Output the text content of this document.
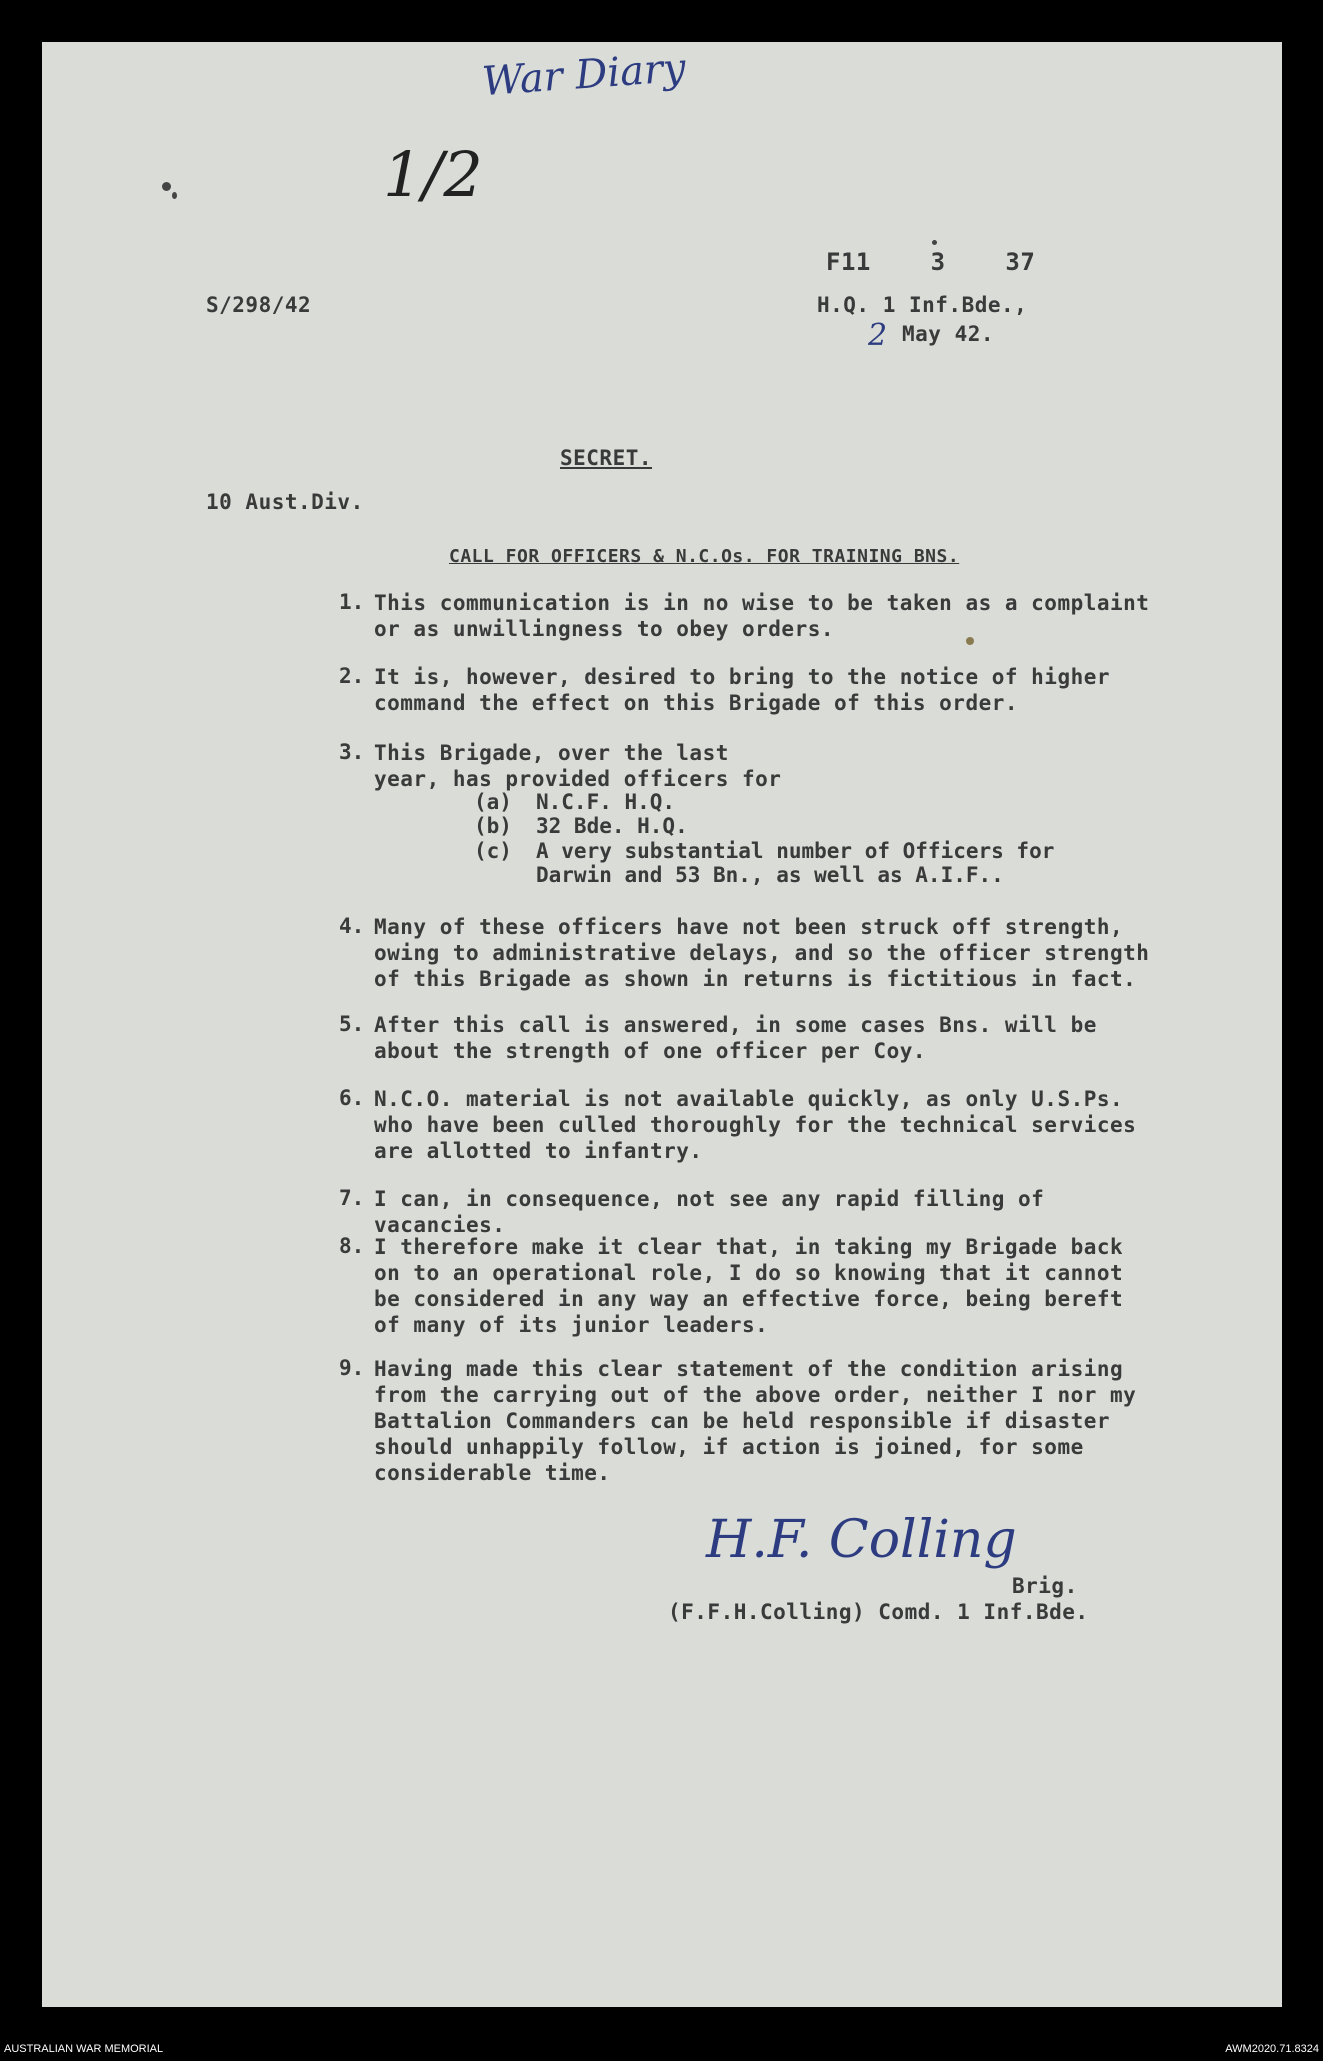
War Diary
1/2
F11    3    37
S/298/42	H.Q. 1 Inf.Bde.,
2 May 42.
SECRET.
10 Aust.Div.
CALL FOR OFFICERS & N.C.Os. FOR TRAINING BNS.
1. This communication is in no wise to be taken as a complaint or as unwillingness to obey orders.
2. It is, however, desired to bring to the notice of higher command the effect on this Brigade of this order.
3. This Brigade, over the last year, has provided officers for
(a) N.C.F. H.Q.
(b) 32 Bde. H.Q.
(c) A very substantial number of Officers for
Darwin and 53 Bn., as well as A.I.F..
4. Many of these officers have not been struck off strength, owing to administrative delays, and so the officer strength of this Brigade as shown in returns is fictitious in fact.
5. After this call is answered, in some cases Bns. will be about the strength of one officer per Coy.
6. N.C.O. material is not available quickly, as only U.S.Ps. who have been culled thoroughly for the technical services are allotted to infantry.
7. I can, in consequence, not see any rapid filling of vacancies.
8. I therefore make it clear that, in taking my Brigade back on to an operational role, I do so knowing that it cannot be considered in any way an effective force, being bereft of many of its junior leaders.
9. Having made this clear statement of the condition arising from the carrying out of the above order, neither I nor my Battalion Commanders can be held responsible if disaster should unhappily follow, if action is joined, for some considerable time.
H.F. Colling
Brig.
(F.F.H.Colling) Comd. 1 Inf.Bde.
AUSTRALIAN WAR MEMORIAL	AWM2020.71.8324
